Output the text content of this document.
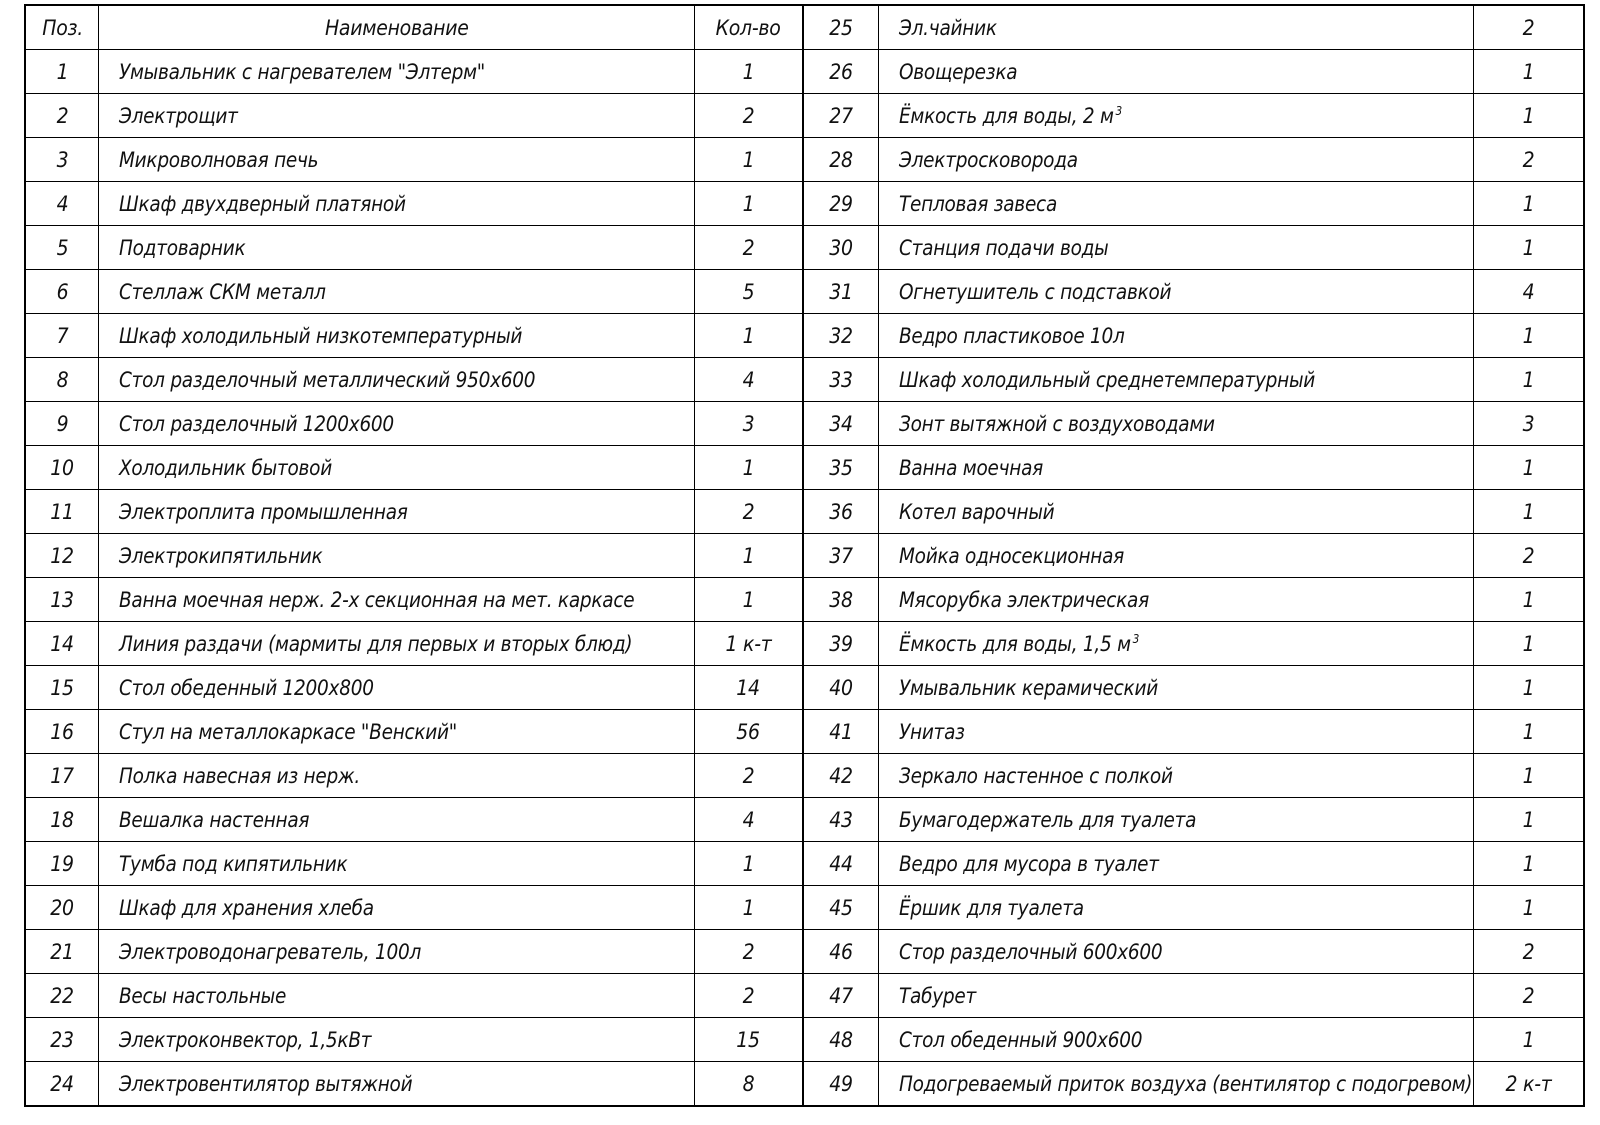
Поз.	Наименование	Кол-во	25	Эл.чайник	2
1	Умывальник с нагревателем "Элтерм"	1	26	Овощерезка	1
2	Электрощит	2	27	Ёмкость для воды, 2 м $^3$	1
3	Микроволновая печь	1	28	Электросковорода	2
4	Шкаф двухдверный платяной	1	29	Тепловая завеса	1
5	Подтоварник	2	30	Станция подачи воды	1
6	Стеллаж СКМ металл	5	31	Огнетушитель с подставкой	4
7	Шкаф холодильный низкотемпературный	1	32	Ведро пластиковое 10л	1
8	Стол разделочный металлический 950х600	4	33	Шкаф холодильный среднетемпературный	1
9	Стол разделочный 1200х600	3	34	Зонт вытяжной с воздуховодами	3
10	Холодильник бытовой	1	35	Ванна моечная	1
11	Электроплита промышленная	2	36	Котел варочный	1
12	Электрокипятильник	1	37	Мойка односекционная	2
13	Ванна моечная нерж. 2-х секционная на мет. каркасе	1	38	Мясорубка электрическая	1
14	Линия раздачи (мармиты для первых и вторых блюд)	1 к-т	39	Ёмкость для воды, 1,5 м $^3$	1
15	Стол обеденный 1200х800	14	40	Умывальник керамический	1
16	Стул на металлокаркасе "Венский"	56	41	Унитаз	1
17	Полка навесная из нерж.	2	42	Зеркало настенное с полкой	1
18	Вешалка настенная	4	43	Бумагодержатель для туалета	1
19	Тумба под кипятильник	1	44	Ведро для мусора в туалет	1
20	Шкаф для хранения хлеба	1	45	Ёршик для туалета	1
21	Электроводонагреватель, 100л	2	46	Стор разделочный 600х600	2
22	Весы настольные	2	47	Табурет	2
23	Электроконвектор, 1,5кВт	15	48	Стол обеденный 900х600	1
24	Электровентилятор вытяжной	8	49	Подогреваемый приток воздуха (вентилятор с подогревом)	2 к-т
